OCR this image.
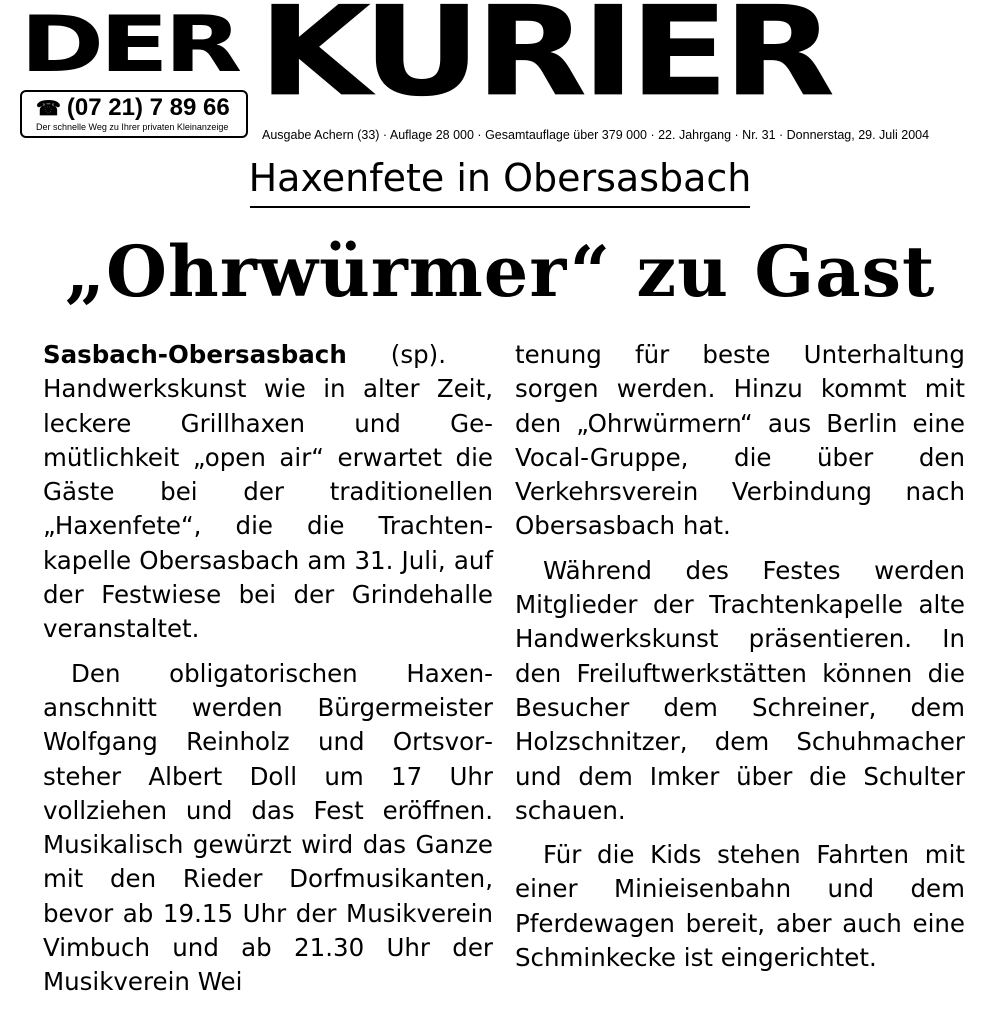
DER KURIER
☎ (07 21) 7 89 66
Der schnelle Weg zu Ihrer privaten Kleinanzeige
Ausgabe Achern (33) · Auflage 28 000 · Gesamtauflage über 379 000 · 22. Jahrgang · Nr. 31 · Donnerstag, 29. Juli 2004
Haxenfete in Obersasbach
„Ohrwürmer“ zu Gast

Sasbach-Obersasbach (sp). Handwerkskunst wie in alter Zeit, leckere Grillhaxen und Gemütlichkeit „open air“ erwartet die Gäste bei der traditionellen „Haxenfete“, die die Trachtenkapelle Obersasbach am 31. Juli, auf der Festwiese bei der Grindehalle veranstaltet.

Den obligatorischen Haxenanschnitt werden Bürgermeister Wolfgang Reinholz und Ortsvorsteher Albert Doll um 17 Uhr vollziehen und das Fest eröffnen. Musikalisch gewürzt wird das Ganze mit den Rieder Dorfmusikanten, bevor ab 19.15 Uhr der Musikverein Vimbuch und ab 21.30 Uhr der Musikverein Wei

tenung für beste Unterhaltung sorgen werden. Hinzu kommt mit den „Ohrwürmern“ aus Berlin eine Vocal-Gruppe, die über den Verkehrsverein Verbindung nach Obersasbach hat.

Während des Festes werden Mitglieder der Trachtenkapelle alte Handwerkskunst präsentieren. In den Freiluftwerkstätten können die Besucher dem Schreiner, dem Holzschnitzer, dem Schuhmacher und dem Imker über die Schulter schauen.

Für die Kids stehen Fahrten mit einer Minieisenbahn und dem Pferdewagen bereit, aber auch eine Schminkecke ist eingerichtet.
